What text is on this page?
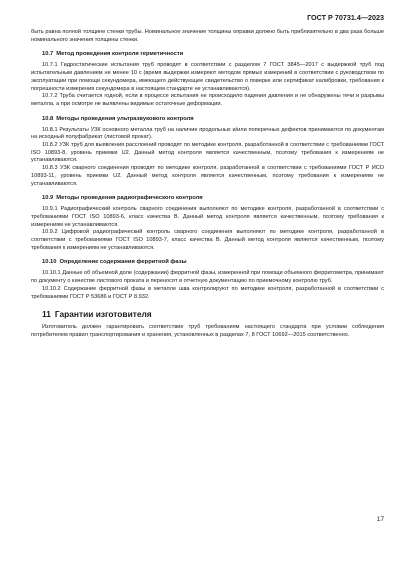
ГОСТ Р 70731.4—2023

быть равна полной толщине стенки трубы. Номинальное значение толщины оправки должно быть приблизительно в два раза больше номинального значения толщины стенки.

10.7 Метод проведения контроля герметичности

10.7.1 Гидростатические испытания труб проводят в соответствии с разделом 7 ГОСТ 3845—2017 с выдержкой труб под испытательным давлением не менее 10 с (время выдержки измеряют методом прямых измерений в соответствии с руководством по эксплуатации при помощи секундомера, имеющего действующее свидетельство о поверке или сертификат калибровки, требования к погрешности измерения секундомера в настоящем стандарте не устанавливаются).

10.7.2 Труба считается годной, если в процессе испытания не происходило падения давления и не обнаружены течи и разрывы металла, а при осмотре не выявлены видимые остаточные деформации.

10.8 Методы проведения ультразвукового контроля

10.8.1 Результаты УЗК основного металла труб на наличие продольных и/или поперечных дефектов принимаются по документам на исходный полуфабрикат (листовой прокат).

10.8.2 УЗК труб для выявления расслоений проводят по методике контроля, разработанной в соответствии с требованиями ГОСТ ISO 10893-8, уровень приемки U2. Данный метод контроля является качественным, поэтому требования к измерениям не устанавливаются.

10.8.3 УЗК сварного соединения проводят по методике контроля, разработанной в соответствии с требованиями ГОСТ Р ИСО 10893-11, уровень приемки U2. Данный метод контроля является качественным, поэтому требования к измерениям не устанавливаются.

10.9 Методы проведения радиографического контроля

10.9.1 Радиографический контроль сварного соединения выполняют по методике контроля, разработанной в соответствии с требованиями ГОСТ ISO 10893-6, класс качества В. Данный метод контроля является качественным, поэтому требования к измерениям не устанавливаются.

10.9.2 Цифровой радиографический контроль сварного соединения выполняют по методике контроля, разработанной в соответствии с требованиями ГОСТ ISO 10893-7, класс качества В. Данный метод контроля является качественным, поэтому требования к измерениям не устанавливаются.

10.10 Определение содержания ферритной фазы

10.10.1 Данные об объемной доле (содержании) ферритной фазы, измеренной при помощи объемного ферритометра, принимают по документу о качестве листового проката и переносят в отчетную документацию по приемочному контролю труб.

10.10.2 Содержание ферритной фазы в металле шва контролируют по методике контроля, разработанной в соответствии с требованиями ГОСТ Р 53686 и ГОСТ Р 8.932.

11 Гарантии изготовителя

Изготовитель должен гарантировать соответствие труб требованиям настоящего стандарта при условии соблюдения потребителем правил транспортирования и хранения, установленных в разделах 7, 8 ГОСТ 10692—2015 соответственно.

17
